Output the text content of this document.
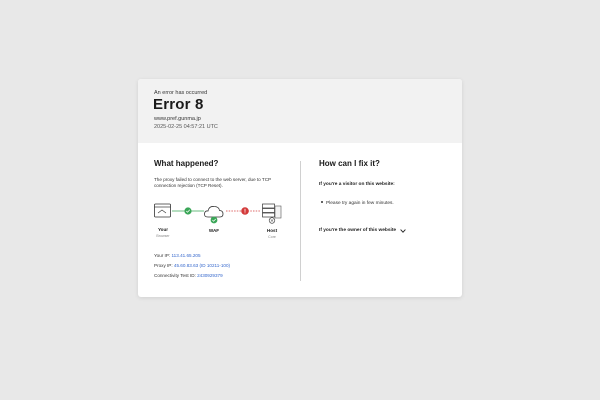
An error has occurred
Error 8
www.pref.gunma.jp
2025-02-25 04:57:21 UTC
What happened?
The proxy failed to connect to the web server, due to TCP connection rejection (TCP Reset).
Your
Browser
WAF	Host
Core
Your IP: 113.41.65.205
Proxy IP: 45.60.83.63 (ID 10211-100)
Connectivity Test ID: 2430929379
How can I fix it?
If you're a visitor on this website:
Please try again in few minutes.
If you're the owner of this website
